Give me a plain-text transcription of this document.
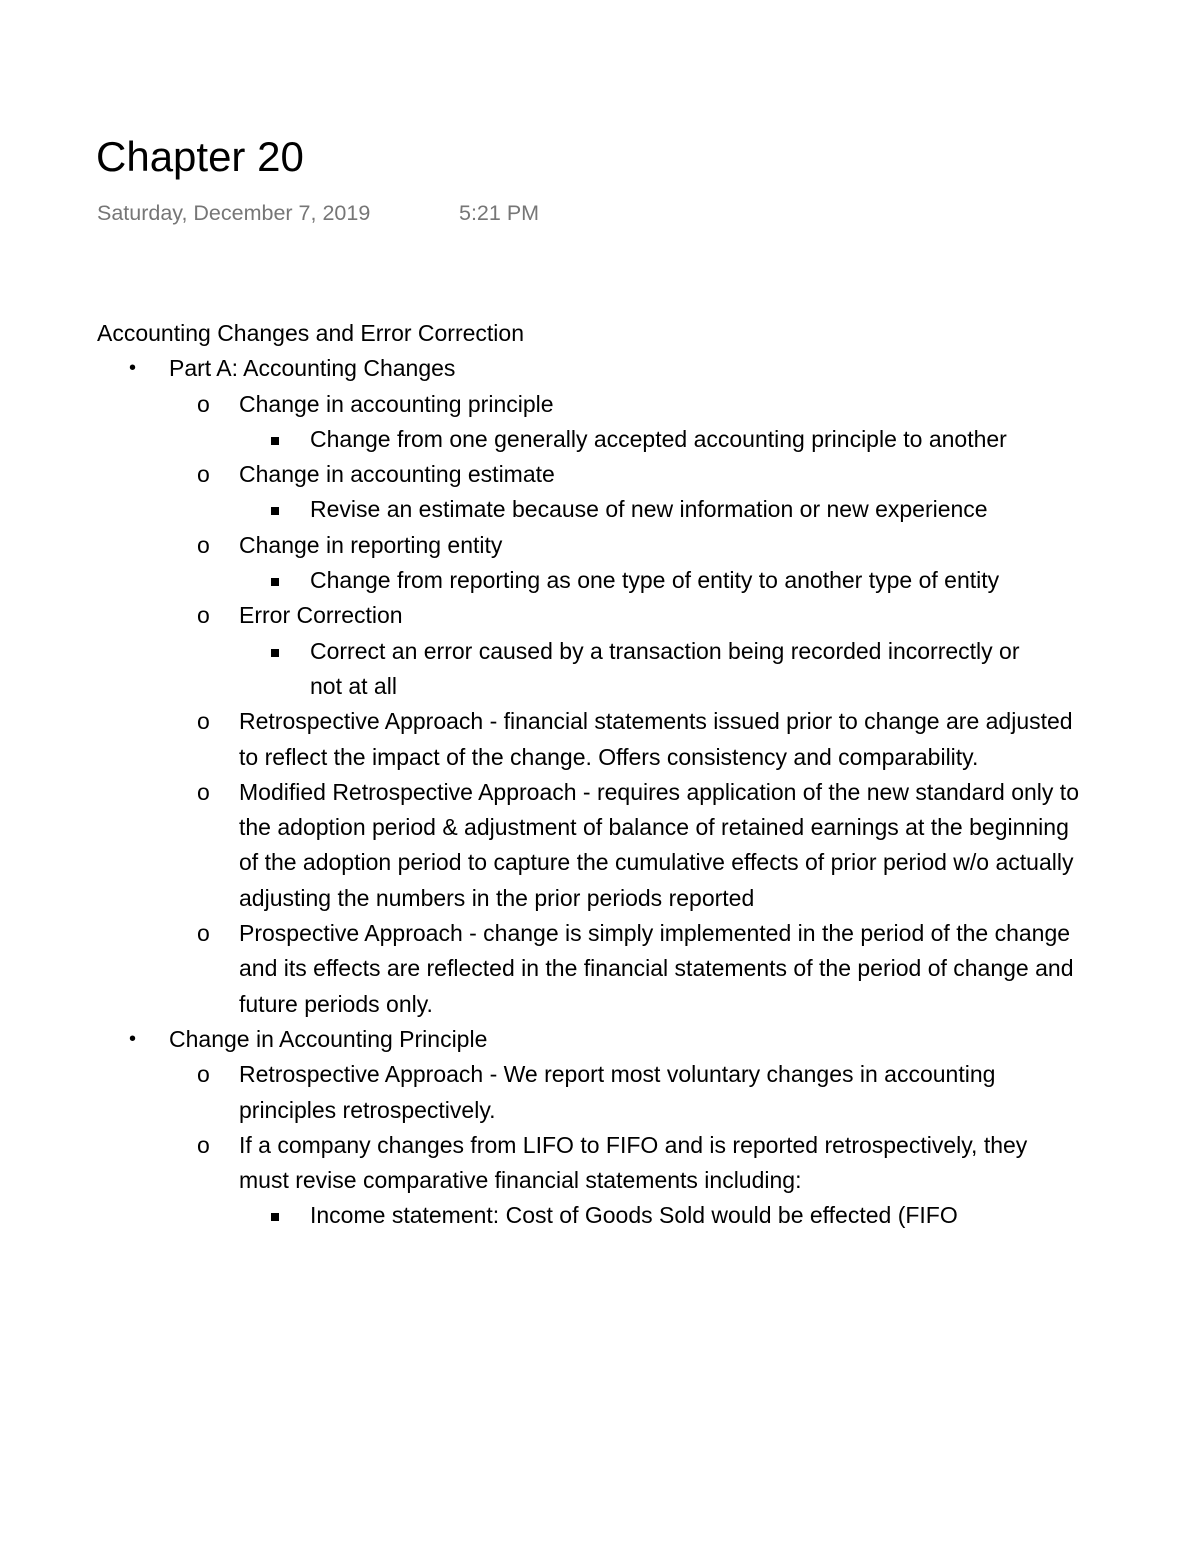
Chapter 20
Saturday, December 7, 2019	5:21 PM

Accounting Changes and Error Correction

• Part A: Accounting Changes
o Change in accounting principle
Change from one generally accepted accounting principle to another
o Change in accounting estimate
Revise an estimate because of new information or new experience
o Change in reporting entity
Change from reporting as one type of entity to another type of entity
o Error Correction
Correct an error caused by a transaction being recorded incorrectly or not at all
o Retrospective Approach - financial statements issued prior to change are adjusted to reflect the impact of the change. Offers consistency and comparability.
o Modified Retrospective Approach - requires application of the new standard only to the adoption period & adjustment of balance of retained earnings at the beginning of the adoption period to capture the cumulative effects of prior period w/o actually adjusting the numbers in the prior periods reported
o Prospective Approach - change is simply implemented in the period of the change and its effects are reflected in the financial statements of the period of change and future periods only.
• Change in Accounting Principle
o Retrospective Approach - We report most voluntary changes in accounting principles retrospectively.
o If a company changes from LIFO to FIFO and is reported retrospectively, they must revise comparative financial statements including:
Income statement: Cost of Goods Sold would be effected (FIFO
